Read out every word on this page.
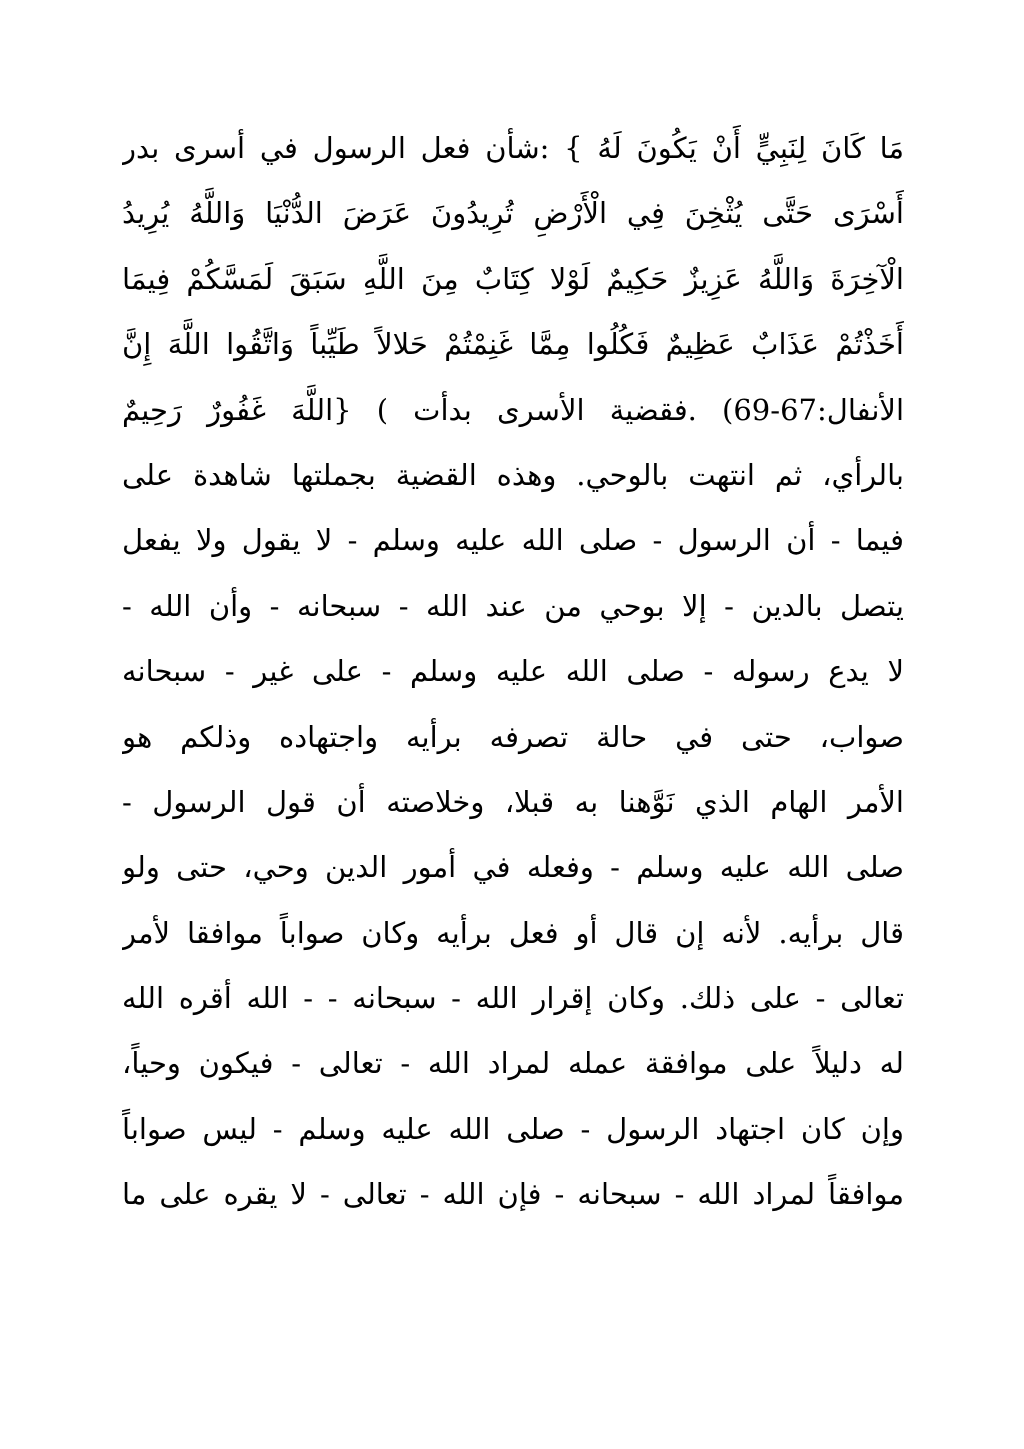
مَا كَانَ لِنَبِيٍّ أَنْ يَكُونَ لَهُ } :شأن فعل الرسول في أسرى بدر
أَسْرَى حَتَّى يُثْخِنَ فِي الْأَرْضِ تُرِيدُونَ عَرَضَ الدُّنْيَا وَاللَّهُ يُرِيدُ
الْآخِرَةَ وَاللَّهُ عَزِيزٌ حَكِيمٌ لَوْلا كِتَابٌ مِنَ اللَّهِ سَبَقَ لَمَسَّكُمْ فِيمَا
أَخَذْتُمْ عَذَابٌ عَظِيمٌ فَكُلُوا مِمَّا غَنِمْتُمْ حَلالاً طَيِّباً وَاتَّقُوا اللَّهَ إِنَّ
الأنفال:67-69) .فقضية الأسرى بدأت ) {اللَّهَ غَفُورٌ رَحِيمٌ
بالرأي، ثم انتهت بالوحي. وهذه القضية بجملتها شاهدة على
فيما - أن الرسول - صلى الله عليه وسلم - لا يقول ولا يفعل
يتصل بالدين - إلا بوحي من عند الله - سبحانه - وأن الله -
لا يدع رسوله - صلى الله عليه وسلم - على غير - سبحانه
صواب، حتى في حالة تصرفه برأيه واجتهاده وذلكم هو
الأمر الهام الذي نَوَّهنا به قبلا، وخلاصته أن قول الرسول -
صلى الله عليه وسلم - وفعله في أمور الدين وحي، حتى ولو
قال برأيه. لأنه إن قال أو فعل برأيه وكان صواباً موافقا لأمر
تعالى - على ذلك. وكان إقرار الله - سبحانه - - الله أقره الله
له دليلاً على موافقة عمله لمراد الله - تعالى - فيكون وحياً،
وإن كان اجتهاد الرسول - صلى الله عليه وسلم - ليس صواباً
موافقاً لمراد الله - سبحانه - فإن الله - تعالى - لا يقره على ما
